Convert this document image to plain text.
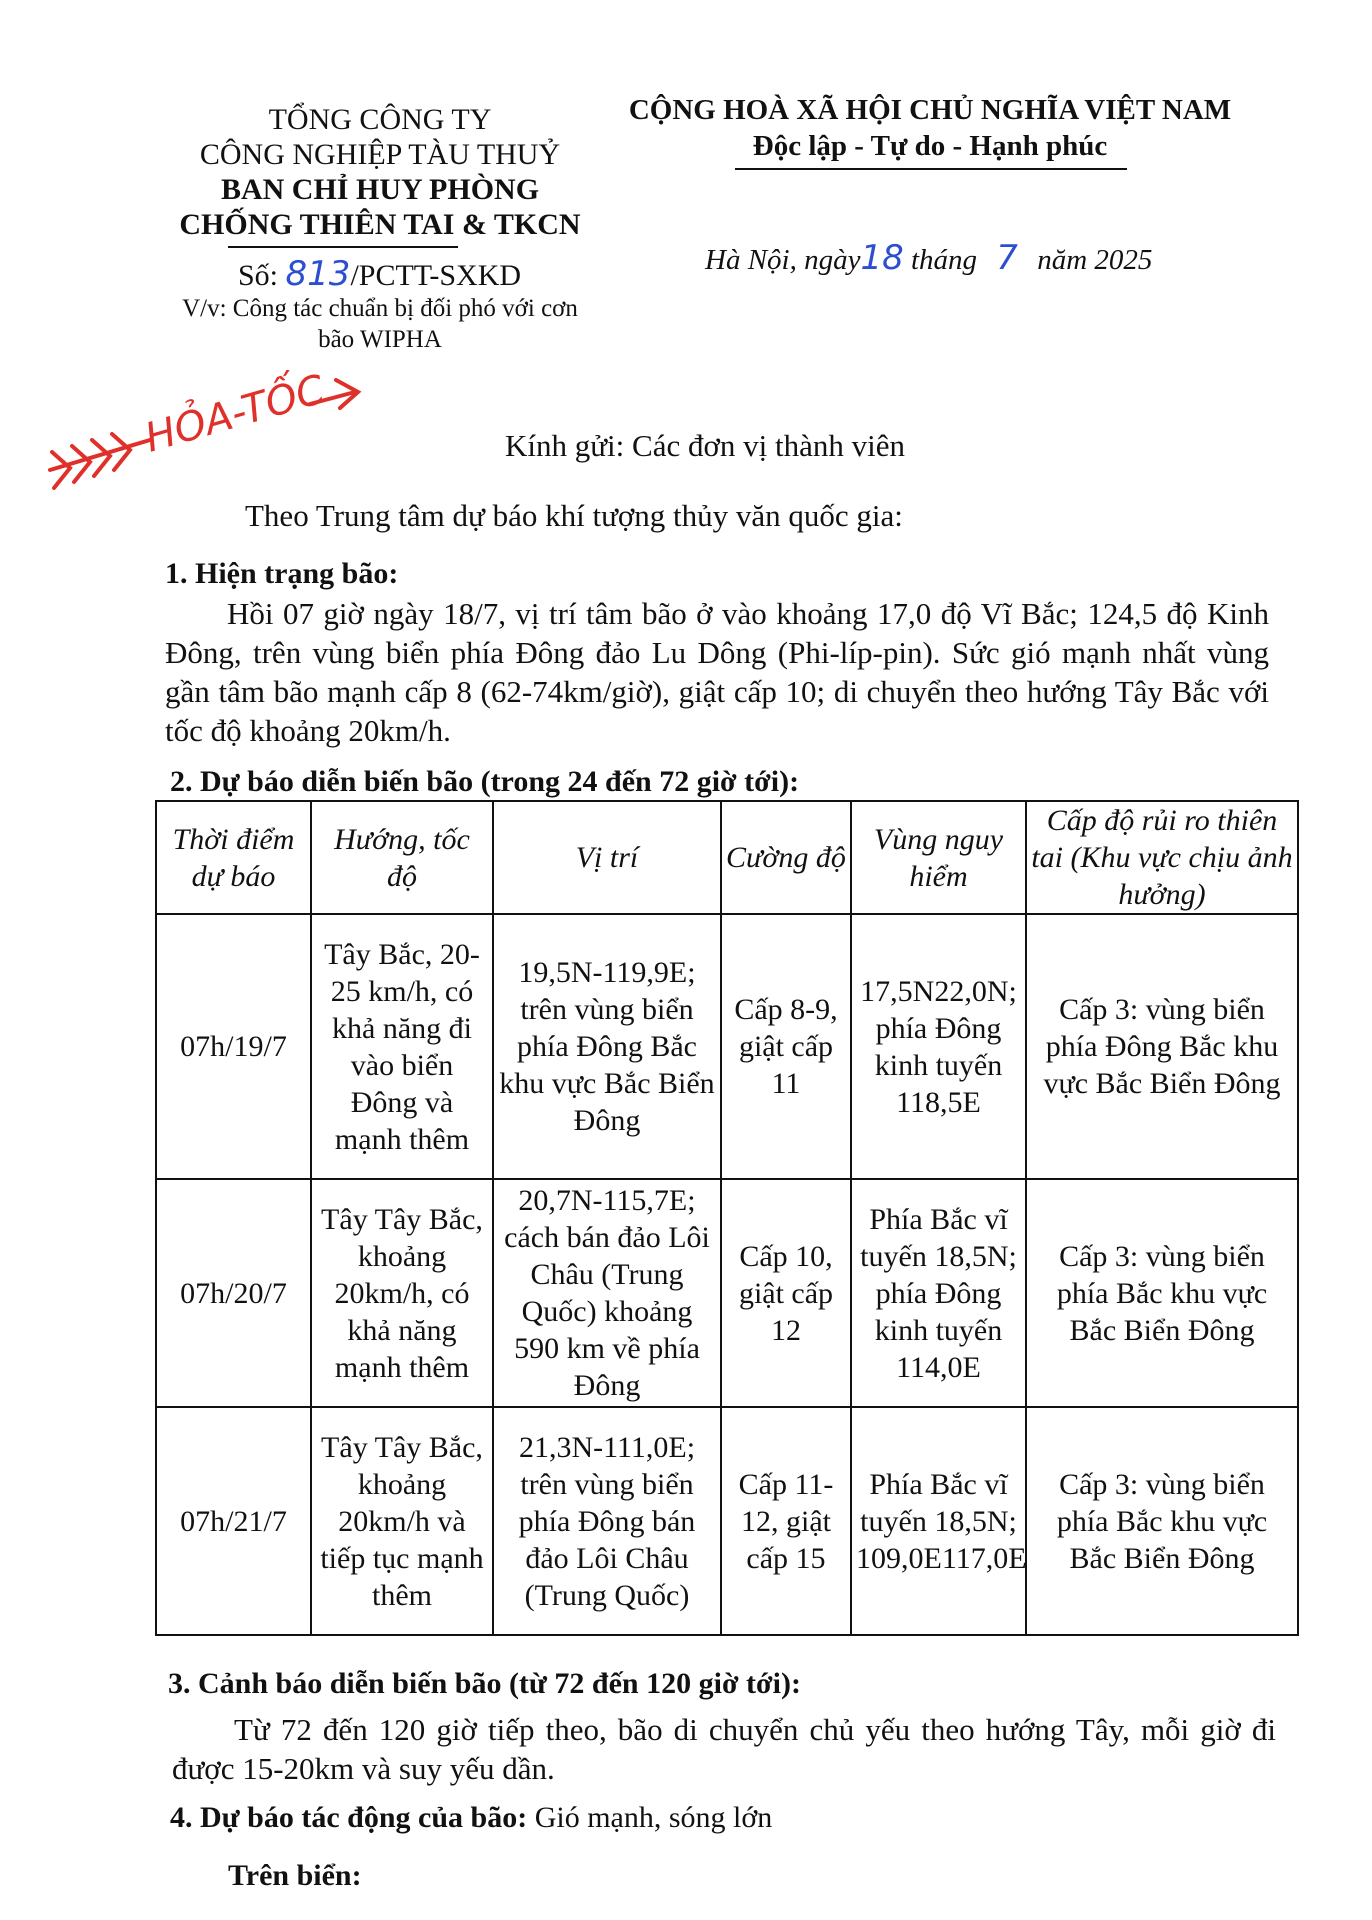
TỔNG CÔNG TY
CÔNG NGHIỆP TÀU THUỶ
BAN CHỈ HUY PHÒNG
CHỐNG THIÊN TAI & TKCN
Số: 813/PCTT-SXKD
V/v: Công tác chuẩn bị đối phó với cơn
bão WIPHA
CỘNG HOÀ XÃ HỘI CHỦ NGHĨA VIỆT NAM
Độc lập - Tự do - Hạnh phúc
Hà Nội, ngày18 tháng 7 năm 2025
HỎA-TỐC	Kính gửi: Các đơn vị thành viên
Theo Trung tâm dự báo khí tượng thủy văn quốc gia:
1. Hiện trạng bão:
Hồi 07 giờ ngày 18/7, vị trí tâm bão ở vào khoảng 17,0 độ Vĩ Bắc; 124,5 độ Kinh Đông, trên vùng biển phía Đông đảo Lu Dông (Phi-líp-pin). Sức gió mạnh nhất vùng gần tâm bão mạnh cấp 8 (62-74km/giờ), giật cấp 10; di chuyển theo hướng Tây Bắc với tốc độ khoảng 20km/h.
2. Dự báo diễn biến bão (trong 24 đến 72 giờ tới):
Thời điểm dự báo	Hướng, tốc độ	Vị trí	Cường độ	Vùng nguy hiểm	Cấp độ rủi ro thiên tai (Khu vực chịu ảnh hưởng)
07h/19/7	Tây Bắc, 20- 25 km/h, có khả năng đi vào biển Đông và mạnh thêm	19,5N-119,9E; trên vùng biển phía Đông Bắc khu vực Bắc Biển Đông	Cấp 8-9, giật cấp 11	17,5N22,0N; phía Đông kinh tuyến 118,5E	Cấp 3: vùng biển phía Đông Bắc khu vực Bắc Biển Đông
07h/20/7	Tây Tây Bắc, khoảng 20km/h, có khả năng mạnh thêm	20,7N-115,7E; cách bán đảo Lôi Châu (Trung Quốc) khoảng 590 km về phía Đông	Cấp 10, giật cấp 12	Phía Bắc vĩ tuyến 18,5N; phía Đông kinh tuyến 114,0E	Cấp 3: vùng biển phía Bắc khu vực Bắc Biển Đông
07h/21/7	Tây Tây Bắc, khoảng 20km/h và tiếp tục mạnh thêm	21,3N-111,0E; trên vùng biển phía Đông bán đảo Lôi Châu (Trung Quốc)	Cấp 11-12, giật cấp 15	Phía Bắc vĩ tuyến 18,5N; 109,0E117,0E	Cấp 3: vùng biển phía Bắc khu vực Bắc Biển Đông
3. Cảnh báo diễn biến bão (từ 72 đến 120 giờ tới):
Từ 72 đến 120 giờ tiếp theo, bão di chuyển chủ yếu theo hướng Tây, mỗi giờ đi được 15-20km và suy yếu dần.
4. Dự báo tác động của bão: Gió mạnh, sóng lớn
Trên biển:
